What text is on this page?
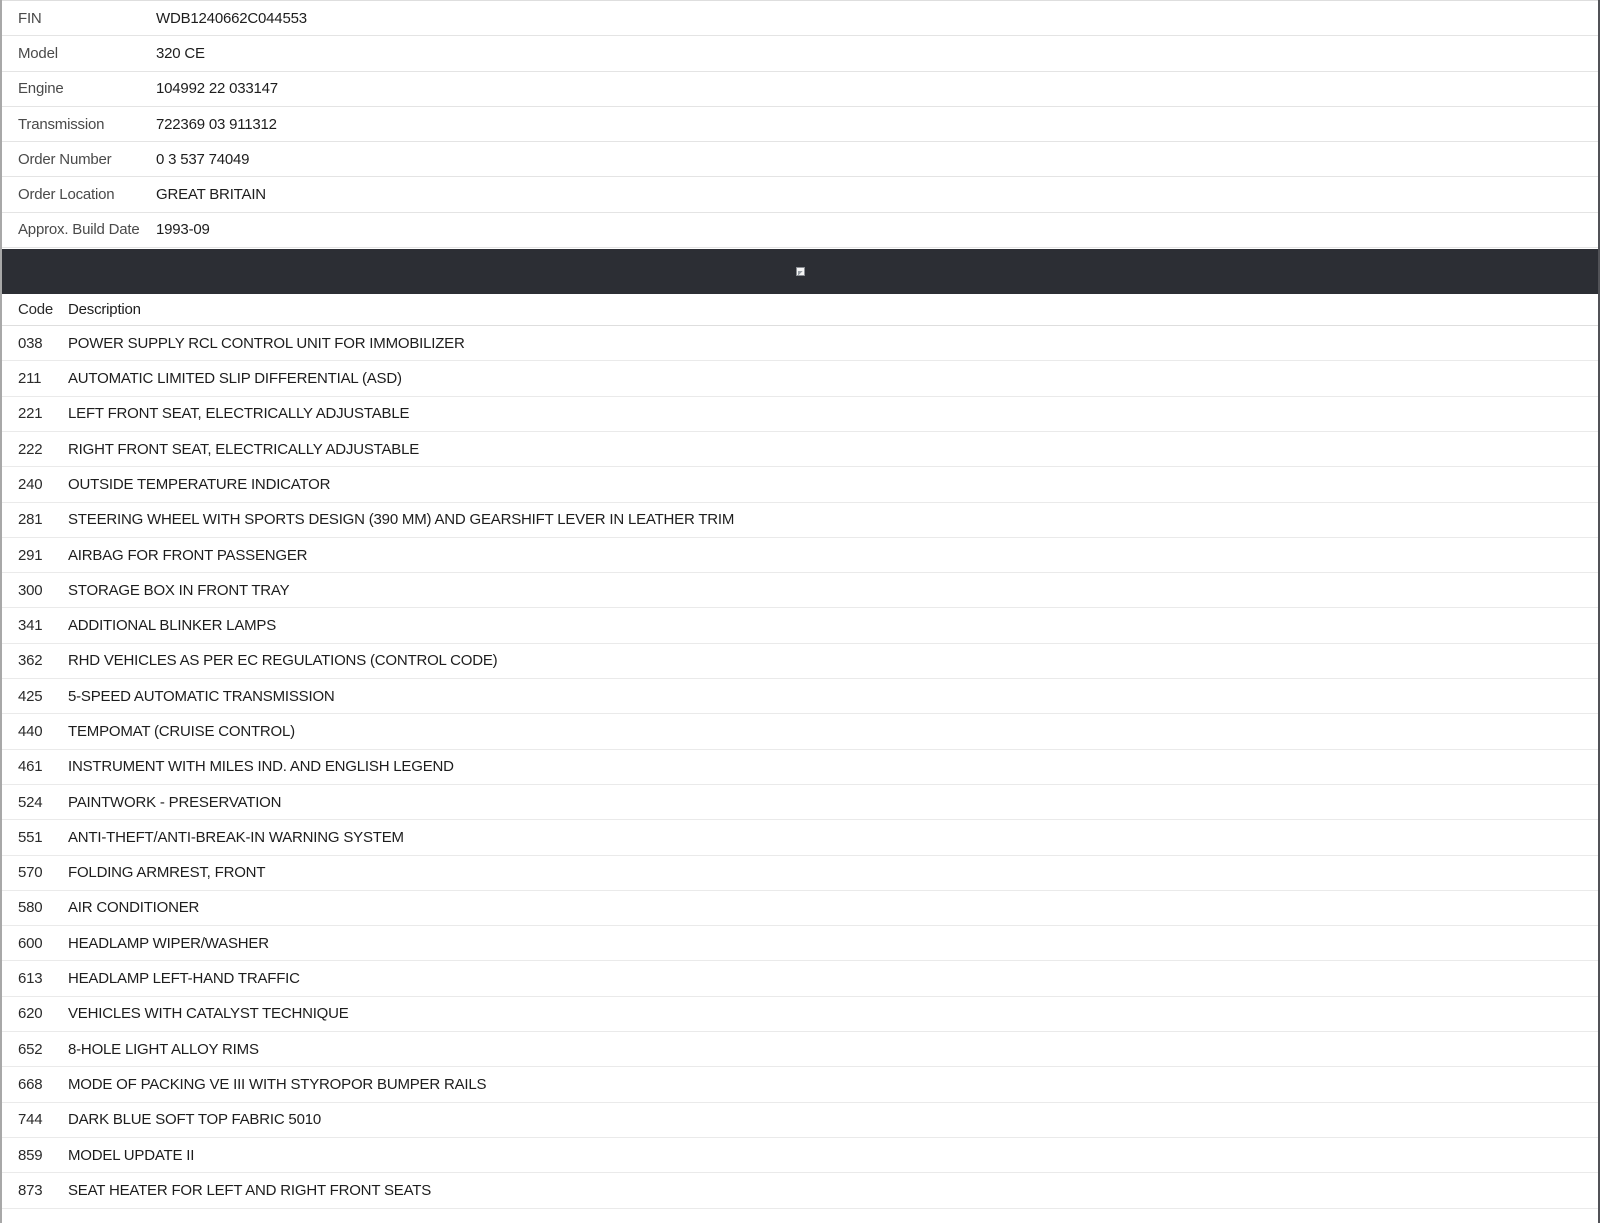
FIN	WDB1240662C044553
Model	320 CE
Engine	104992 22 033147
Transmission	722369 03 911312
Order Number	0 3 537 74049
Order Location	GREAT BRITAIN
Approx. Build Date	1993-09
Code Description
038	POWER SUPPLY RCL CONTROL UNIT FOR IMMOBILIZER
211	AUTOMATIC LIMITED SLIP DIFFERENTIAL (ASD)
221	LEFT FRONT SEAT, ELECTRICALLY ADJUSTABLE
222	RIGHT FRONT SEAT, ELECTRICALLY ADJUSTABLE
240	OUTSIDE TEMPERATURE INDICATOR
281	STEERING WHEEL WITH SPORTS DESIGN (390 MM) AND GEARSHIFT LEVER IN LEATHER TRIM
291	AIRBAG FOR FRONT PASSENGER
300	STORAGE BOX IN FRONT TRAY
341	ADDITIONAL BLINKER LAMPS
362	RHD VEHICLES AS PER EC REGULATIONS (CONTROL CODE)
425	5-SPEED AUTOMATIC TRANSMISSION
440	TEMPOMAT (CRUISE CONTROL)
461	INSTRUMENT WITH MILES IND. AND ENGLISH LEGEND
524	PAINTWORK - PRESERVATION
551	ANTI-THEFT/ANTI-BREAK-IN WARNING SYSTEM
570	FOLDING ARMREST, FRONT
580	AIR CONDITIONER
600	HEADLAMP WIPER/WASHER
613	HEADLAMP LEFT-HAND TRAFFIC
620	VEHICLES WITH CATALYST TECHNIQUE
652	8-HOLE LIGHT ALLOY RIMS
668	MODE OF PACKING VE III WITH STYROPOR BUMPER RAILS
744	DARK BLUE SOFT TOP FABRIC 5010
859	MODEL UPDATE II
873	SEAT HEATER FOR LEFT AND RIGHT FRONT SEATS
